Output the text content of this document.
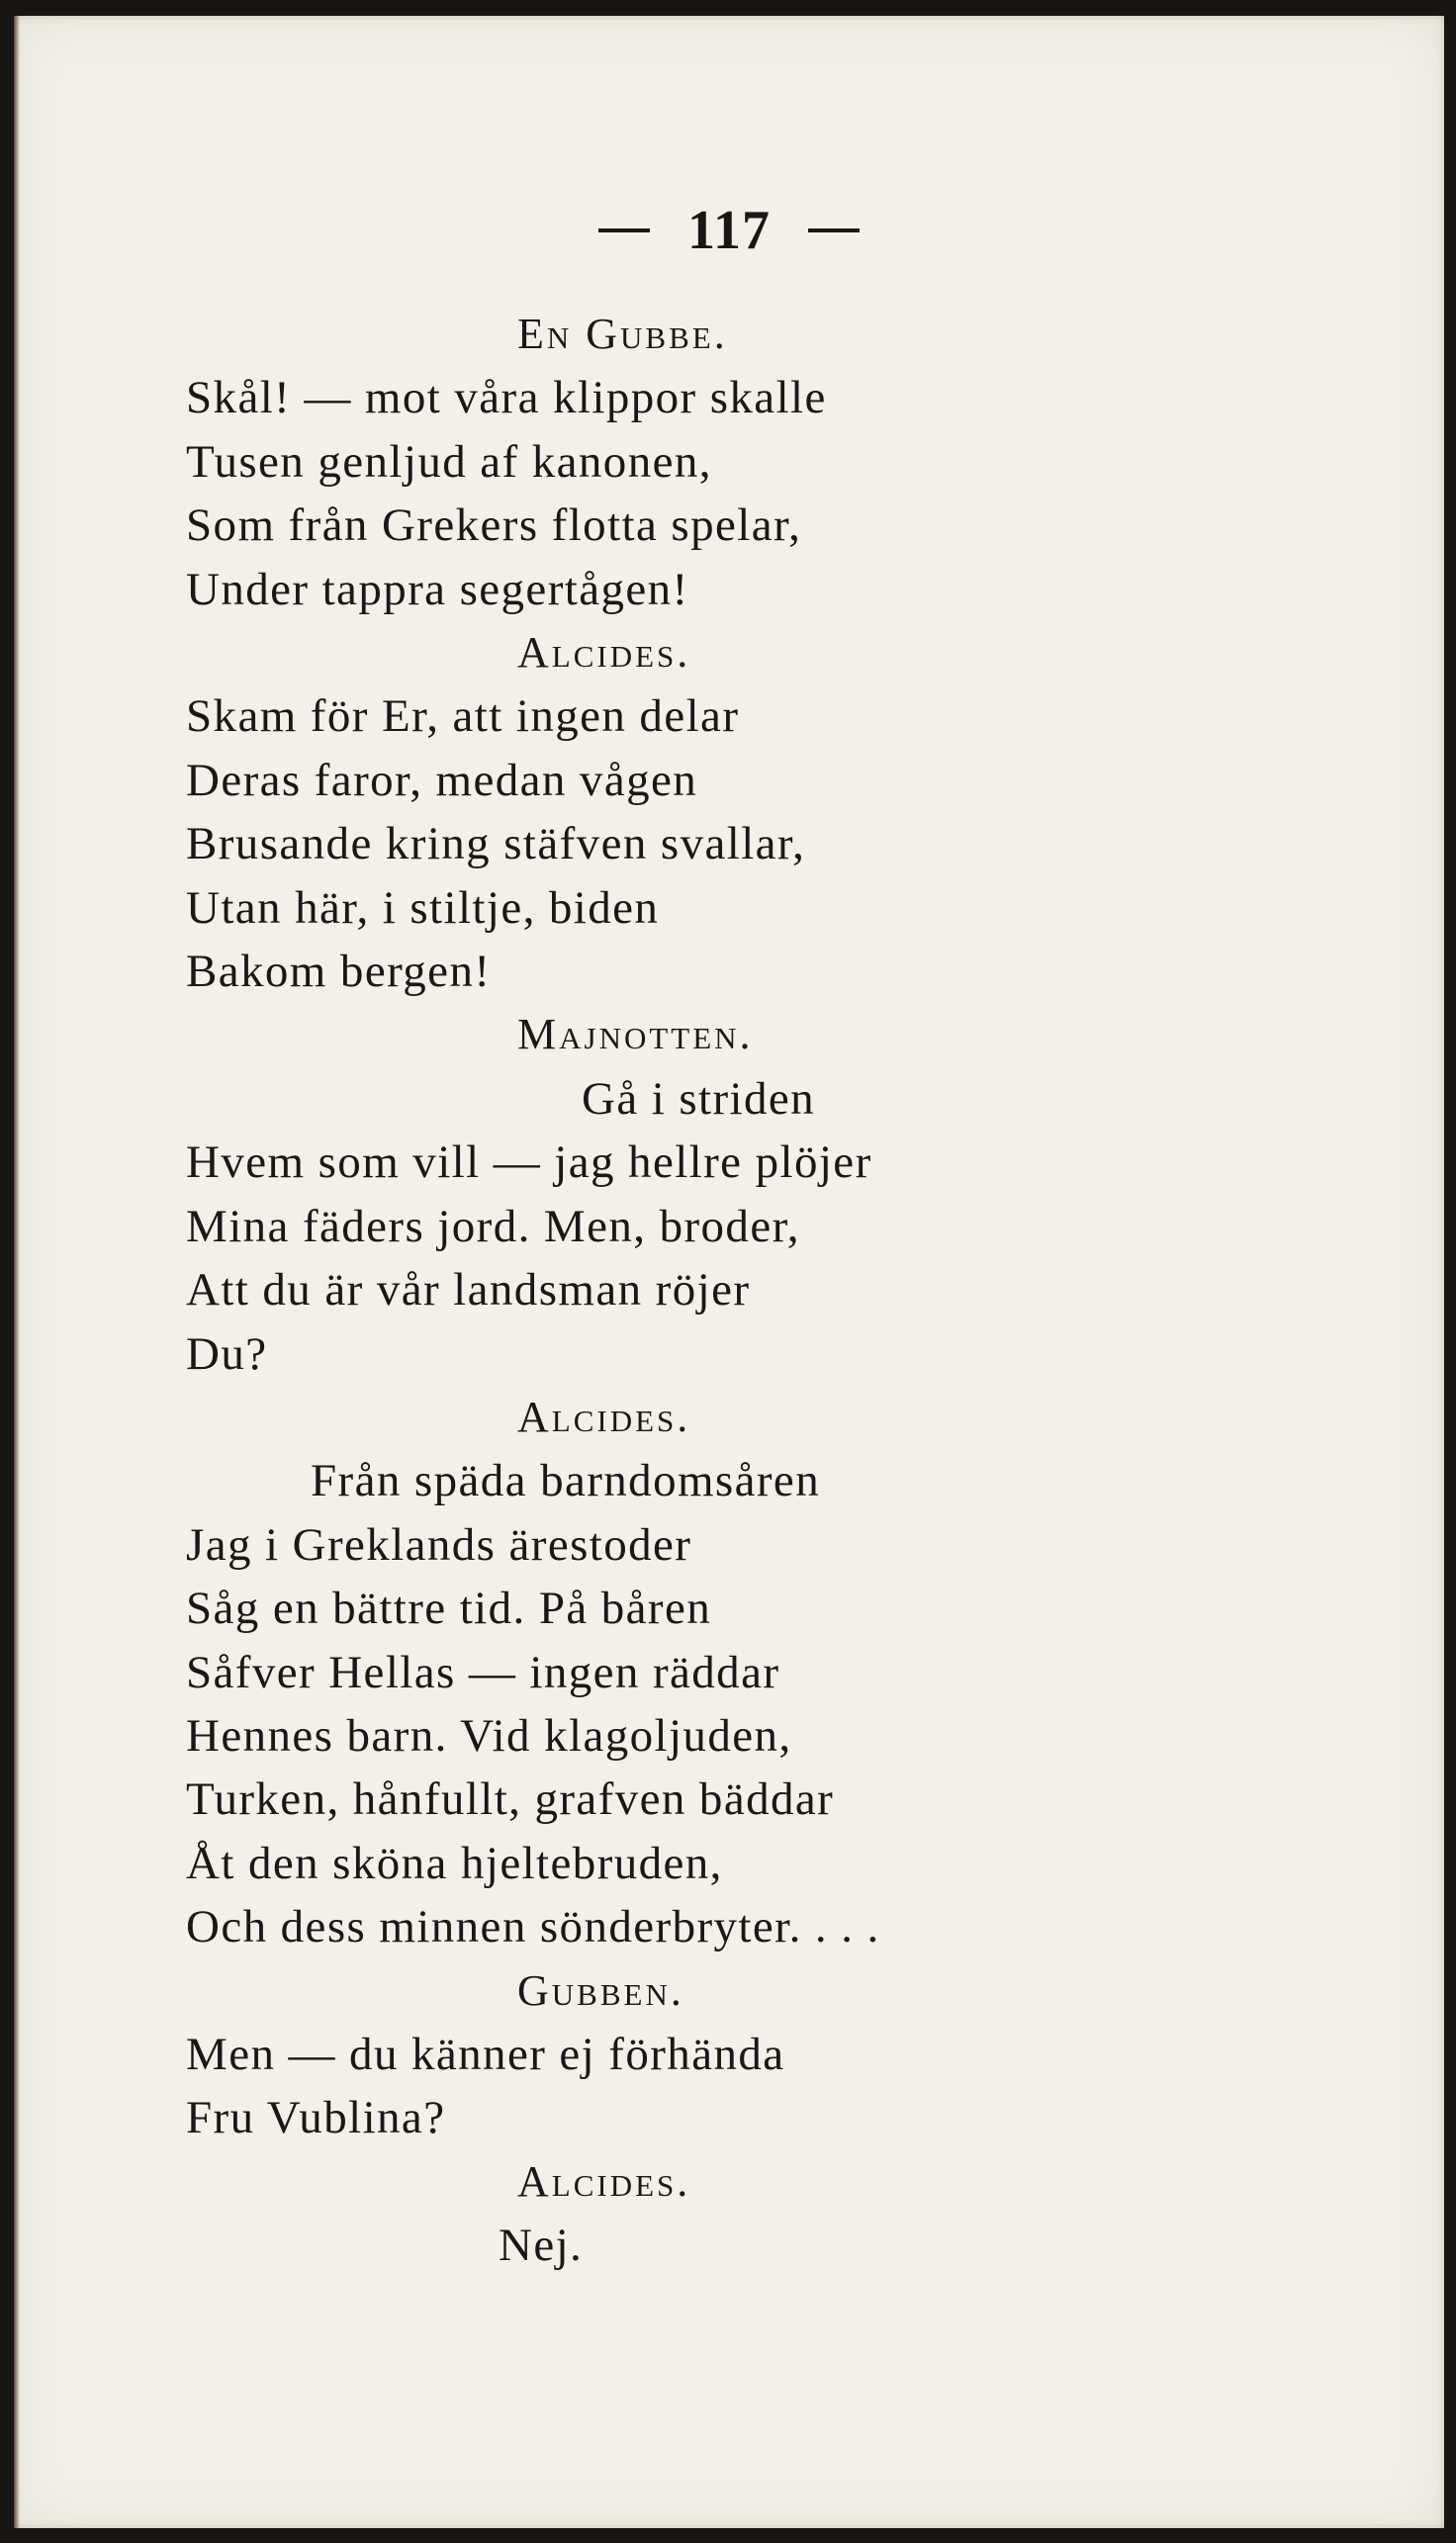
117
En Gubbe.
Skål! — mot våra klippor skalle
Tusen genljud af kanonen,
Som från Grekers flotta spelar,
Under tappra segertågen!
Alcides.
Skam för Er, att ingen delar
Deras faror, medan vågen
Brusande kring stäfven svallar,
Utan här, i stiltje, biden
Bakom bergen!
Majnotten.
Gå i striden
Hvem som vill — jag hellre plöjer
Mina fäders jord. Men, broder,
Att du är vår landsman röjer
Du?
Alcides.
Från späda barndomsåren
Jag i Greklands ärestoder
Såg en bättre tid. På båren
Såfver Hellas — ingen räddar
Hennes barn. Vid klagoljuden,
Turken, hånfullt, grafven bäddar
Åt den sköna hjeltebruden,
Och dess minnen sönderbryter. . . .
Gubben.
Men — du känner ej förhända
Fru Vublina?
Alcides.
Nej.
